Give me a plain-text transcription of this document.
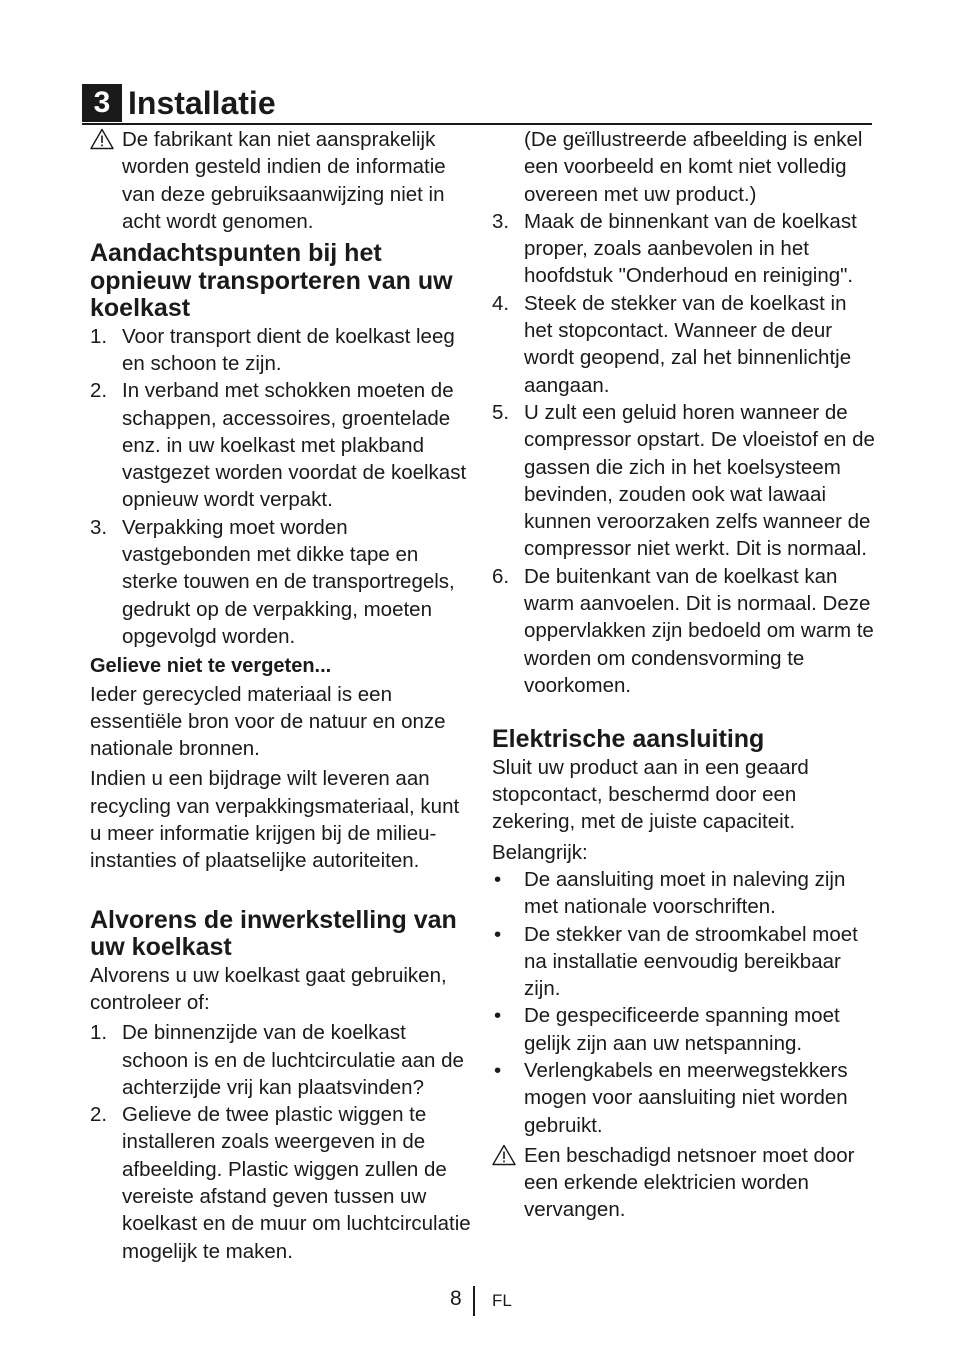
3 Installatie
De fabrikant kan niet aansprakelijk worden gesteld indien de informatie van deze gebruiksaanwijzing niet in acht wordt genomen.
Aandachtspunten bij het opnieuw transporteren van uw koelkast
1. Voor transport dient de koelkast leeg en schoon te zijn.
2. In verband met schokken moeten de schappen, accessoires, groentelade enz. in uw koelkast met plakband vastgezet worden voordat de koelkast opnieuw wordt verpakt.
3. Verpakking moet worden vastgebonden met dikke tape en sterke touwen en de transportregels, gedrukt op de verpakking, moeten opgevolgd worden.
Gelieve niet te vergeten...

Ieder gerecycled materiaal is een essentiële bron voor de natuur en onze nationale bronnen.

Indien u een bijdrage wilt leveren aan recycling van verpakkingsmateriaal, kunt u meer informatie krijgen bij de milieu-instanties of plaatselijke autoriteiten.

Alvorens de inwerkstelling van uw koelkast

Alvorens u uw koelkast gaat gebruiken, controleer of:

1. De binnenzijde van de koelkast schoon is en de luchtcirculatie aan de achterzijde vrij kan plaatsvinden?
2. Gelieve de twee plastic wiggen te installeren zoals weergeven in de afbeelding. Plastic wiggen zullen de vereiste afstand geven tussen uw koelkast en de muur om luchtcirculatie mogelijk te maken.

(De geïllustreerde afbeelding is enkel een voorbeeld en komt niet volledig overeen met uw product.)

3. Maak de binnenkant van de koelkast proper, zoals aanbevolen in het hoofdstuk "Onderhoud en reiniging".
4. Steek de stekker van de koelkast in het stopcontact. Wanneer de deur wordt geopend, zal het binnenlichtje aangaan.
5. U zult een geluid horen wanneer de compressor opstart. De vloeistof en de gassen die zich in het koelsysteem bevinden, zouden ook wat lawaai kunnen veroorzaken zelfs wanneer de compressor niet werkt. Dit is normaal.
6. De buitenkant van de koelkast kan warm aanvoelen. Dit is normaal. Deze oppervlakken zijn bedoeld om warm te worden om condensvorming te voorkomen.
Elektrische aansluiting

Sluit uw product aan in een geaard stopcontact, beschermd door een zekering, met de juiste capaciteit.

Belangrijk:

• De aansluiting moet in naleving zijn met nationale voorschriften.
• De stekker van de stroomkabel moet na installatie eenvoudig bereikbaar zijn.
• De gespecificeerde spanning moet gelijk zijn aan uw netspanning.
• Verlengkabels en meerwegstekkers mogen voor aansluiting niet worden gebruikt.
Een beschadigd netsnoer moet door een erkende elektricien worden vervangen.
8 FL
